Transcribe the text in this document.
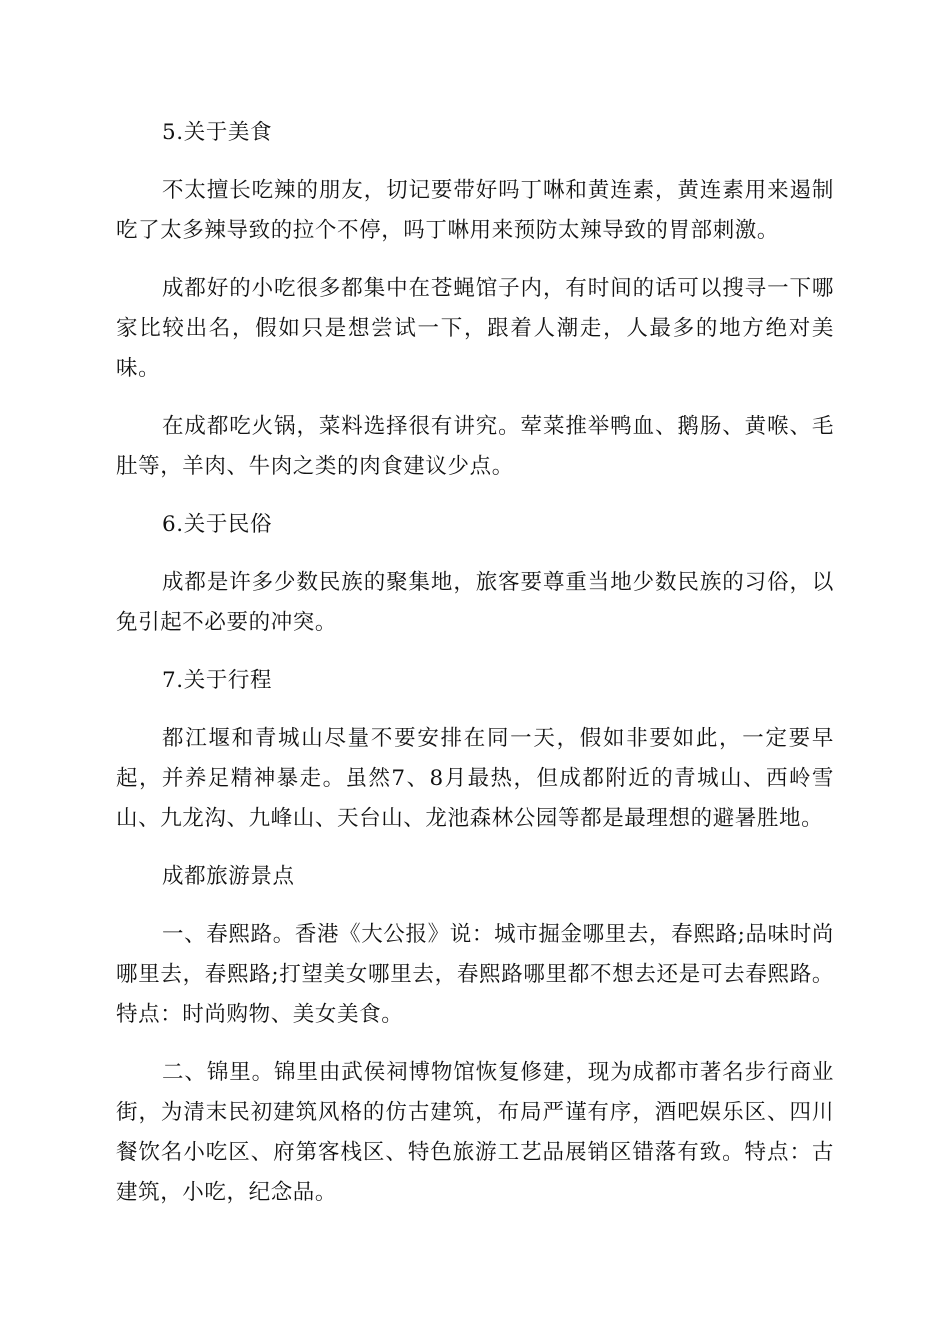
5.关于美食

不太擅长吃辣的朋友，切记要带好吗丁啉和黄连素，黄连素用来遏制吃了太多辣导致的拉个不停，吗丁啉用来预防太辣导致的胃部刺激。

成都好的小吃很多都集中在苍蝇馆子内，有时间的话可以搜寻一下哪家比较出名，假如只是想尝试一下，跟着人潮走，人最多的地方绝对美味。

在成都吃火锅，菜料选择很有讲究。荤菜推举鸭血、鹅肠、黄喉、毛肚等，羊肉、牛肉之类的肉食建议少点。

6.关于民俗

成都是许多少数民族的聚集地，旅客要尊重当地少数民族的习俗，以免引起不必要的冲突。

7.关于行程

都江堰和青城山尽量不要安排在同一天，假如非要如此，一定要早起，并养足精神暴走。虽然7、8月最热，但成都附近的青城山、西岭雪山、九龙沟、九峰山、天台山、龙池森林公园等都是最理想的避暑胜地。

成都旅游景点

一、春熙路。香港《大公报》说：城市掘金哪里去，春熙路;品味时尚哪里去，春熙路;打望美女哪里去，春熙路哪里都不想去还是可去春熙路。特点：时尚购物、美女美食。

二、锦里。锦里由武侯祠博物馆恢复修建，现为成都市著名步行商业街，为清末民初建筑风格的仿古建筑，布局严谨有序，酒吧娱乐区、四川餐饮名小吃区、府第客栈区、特色旅游工艺品展销区错落有致。特点：古建筑，小吃，纪念品。
